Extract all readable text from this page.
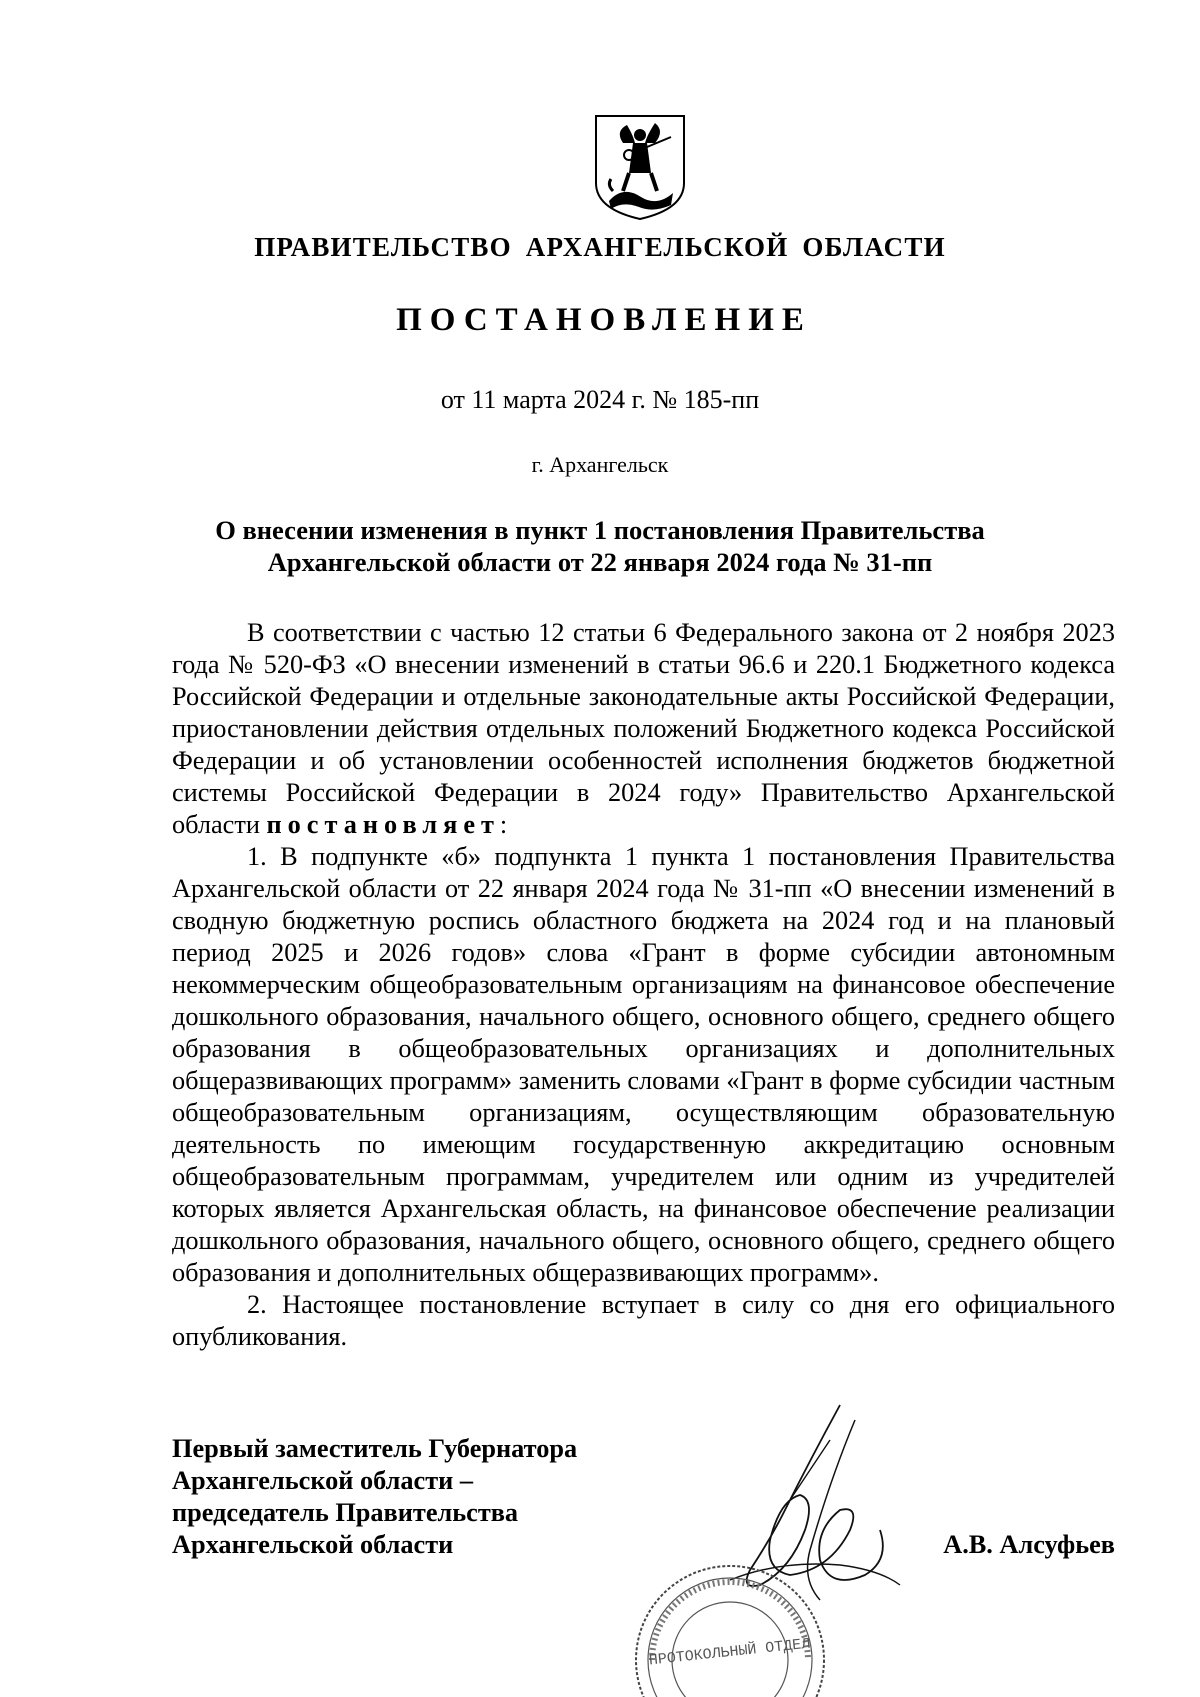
ПРАВИТЕЛЬСТВО АРХАНГЕЛЬСКОЙ ОБЛАСТИ
ПОСТАНОВЛЕНИЕ
от 11 марта 2024 г. № 185-пп
г. Архангельск
О внесении изменения в пункт 1 постановления Правительства
Архангельской области от 22 января 2024 года № 31-пп

В соответствии с частью 12 статьи 6 Федерального закона от 2 ноября 2023 года № 520-ФЗ «О внесении изменений в статьи 96.6 и 220.1 Бюджетного кодекса Российской Федерации и отдельные законодательные акты Российской Федерации, приостановлении действия отдельных положений Бюджетного кодекса Российской Федерации и об установлении особенностей исполнения бюджетов бюджетной системы Российской Федерации в 2024 году» Правительство Архангельской области постановляет:

1. В подпункте «б» подпункта 1 пункта 1 постановления Правительства Архангельской области от 22 января 2024 года № 31-пп «О внесении изменений в сводную бюджетную роспись областного бюджета на 2024 год и на плановый период 2025 и 2026 годов» слова «Грант в форме субсидии автономным некоммерческим общеобразовательным организациям на финансовое обеспечение дошкольного образования, начального общего, основного общего, среднего общего образования в общеобразовательных организациях и дополнительных общеразвивающих программ» заменить словами «Грант в форме субсидии частным общеобразовательным организациям, осуществляющим образовательную деятельность по имеющим государственную аккредитацию основным общеобразовательным программам, учредителем или одним из учредителей которых является Архангельская область, на финансовое обеспечение реализации дошкольного образования, начального общего, основного общего, среднего общего образования и дополнительных общеразвивающих программ».

2. Настоящее постановление вступает в силу со дня его официального опубликования.

Первый заместитель Губернатора
Архангельской области –
председатель Правительства
Архангельской области	А.В. Алсуфьев
ПРОТОКОЛЬНЫЙ ОТДЕЛ
